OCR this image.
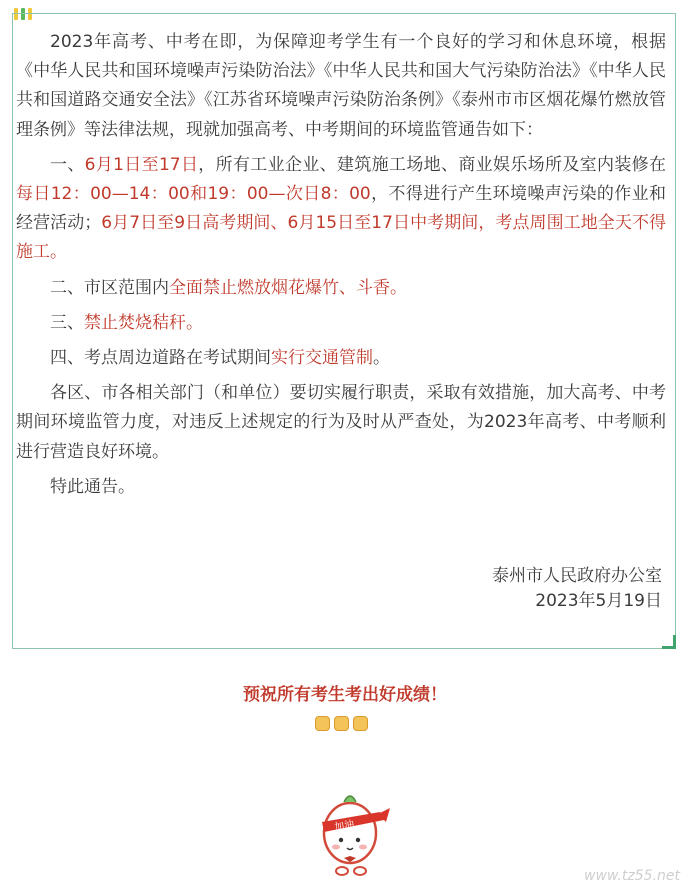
2023年高考、中考在即，为保障迎考学生有一个良好的学习和休息环境，根据《中华人民共和国环境噪声污染防治法》《中华人民共和国大气污染防治法》《中华人民共和国道路交通安全法》《江苏省环境噪声污染防治条例》《泰州市市区烟花爆竹燃放管理条例》等法律法规，现就加强高考、中考期间的环境监管通告如下：

一、6月1日至17日，所有工业企业、建筑施工场地、商业娱乐场所及室内装修在每日12：00—14：00和19：00—次日8：00，不得进行产生环境噪声污染的作业和经营活动；6月7日至9日高考期间、6月15日至17日中考期间，考点周围工地全天不得施工。

二、市区范围内全面禁止燃放烟花爆竹、斗香。

三、禁止焚烧秸秆。

四、考点周边道路在考试期间实行交通管制。

各区、市各相关部门（和单位）要切实履行职责，采取有效措施，加大高考、中考期间环境监管力度，对违反上述规定的行为及时从严查处，为2023年高考、中考顺利进行营造良好环境。

特此通告。

泰州市人民政府办公室
2023年5月19日
预祝所有考生考出好成绩！
加油
www.tz55.net
